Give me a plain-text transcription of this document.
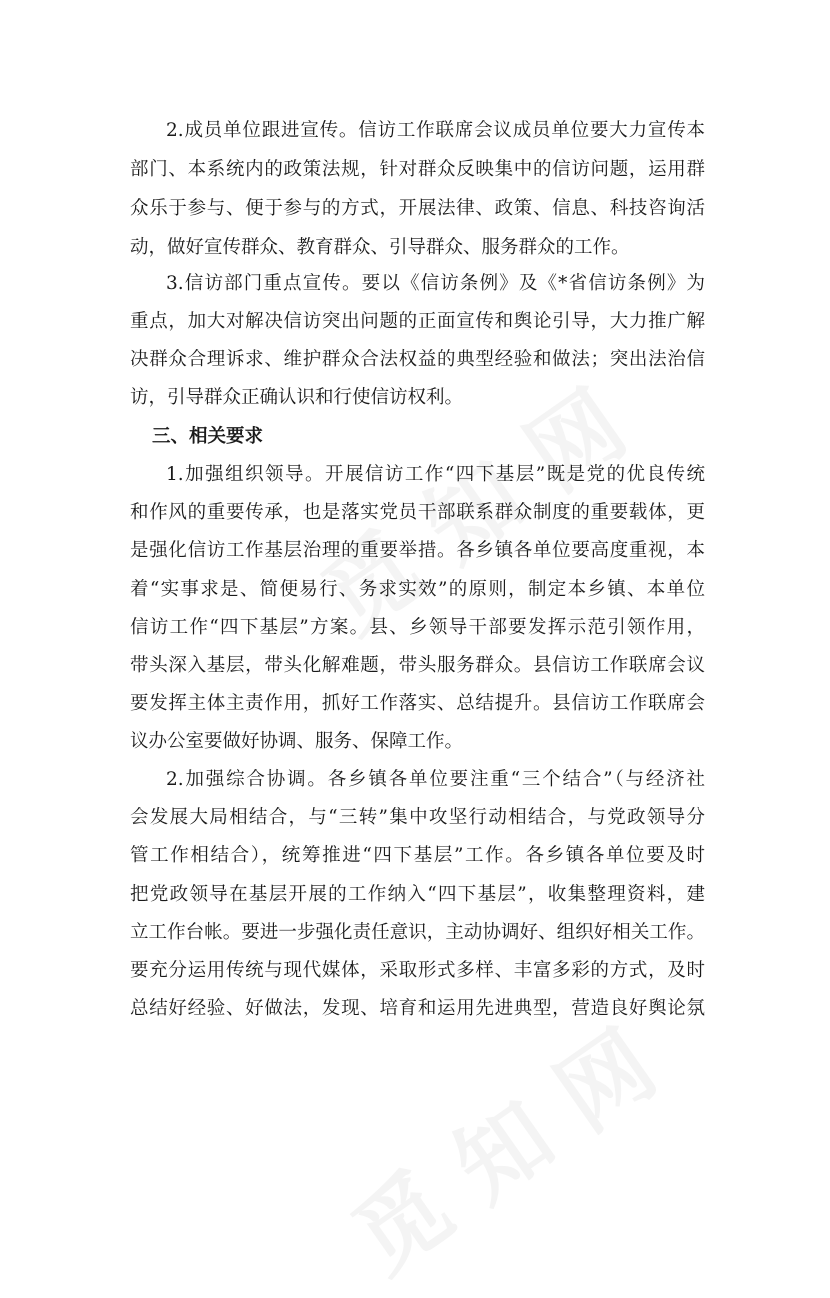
2.成员单位跟进宣传。信访工作联席会议成员单位要大力宣传本
部门、本系统内的政策法规，针对群众反映集中的信访问题，运用群
众乐于参与、便于参与的方式，开展法律、政策、信息、科技咨询活
动，做好宣传群众、教育群众、引导群众、服务群众的工作。
3.信访部门重点宣传。要以《信访条例》及《*省信访条例》为
重点，加大对解决信访突出问题的正面宣传和舆论引导，大力推广解
决群众合理诉求、维护群众合法权益的典型经验和做法；突出法治信
访，引导群众正确认识和行使信访权利。
三、相关要求
1.加强组织领导。开展信访工作“四下基层”既是党的优良传统
和作风的重要传承，也是落实党员干部联系群众制度的重要载体，更
是强化信访工作基层治理的重要举措。各乡镇各单位要高度重视，本
着“实事求是、简便易行、务求实效”的原则，制定本乡镇、本单位
信访工作“四下基层”方案。县、乡领导干部要发挥示范引领作用，
带头深入基层，带头化解难题，带头服务群众。县信访工作联席会议
要发挥主体主责作用，抓好工作落实、总结提升。县信访工作联席会
议办公室要做好协调、服务、保障工作。
2.加强综合协调。各乡镇各单位要注重“三个结合”（与经济社
会发展大局相结合，与“三转”集中攻坚行动相结合，与党政领导分
管工作相结合），统筹推进“四下基层”工作。各乡镇各单位要及时
把党政领导在基层开展的工作纳入“四下基层”，收集整理资料，建
立工作台帐。要进一步强化责任意识，主动协调好、组织好相关工作。
要充分运用传统与现代媒体，采取形式多样、丰富多彩的方式，及时
总结好经验、好做法，发现、培育和运用先进典型，营造良好舆论氛
